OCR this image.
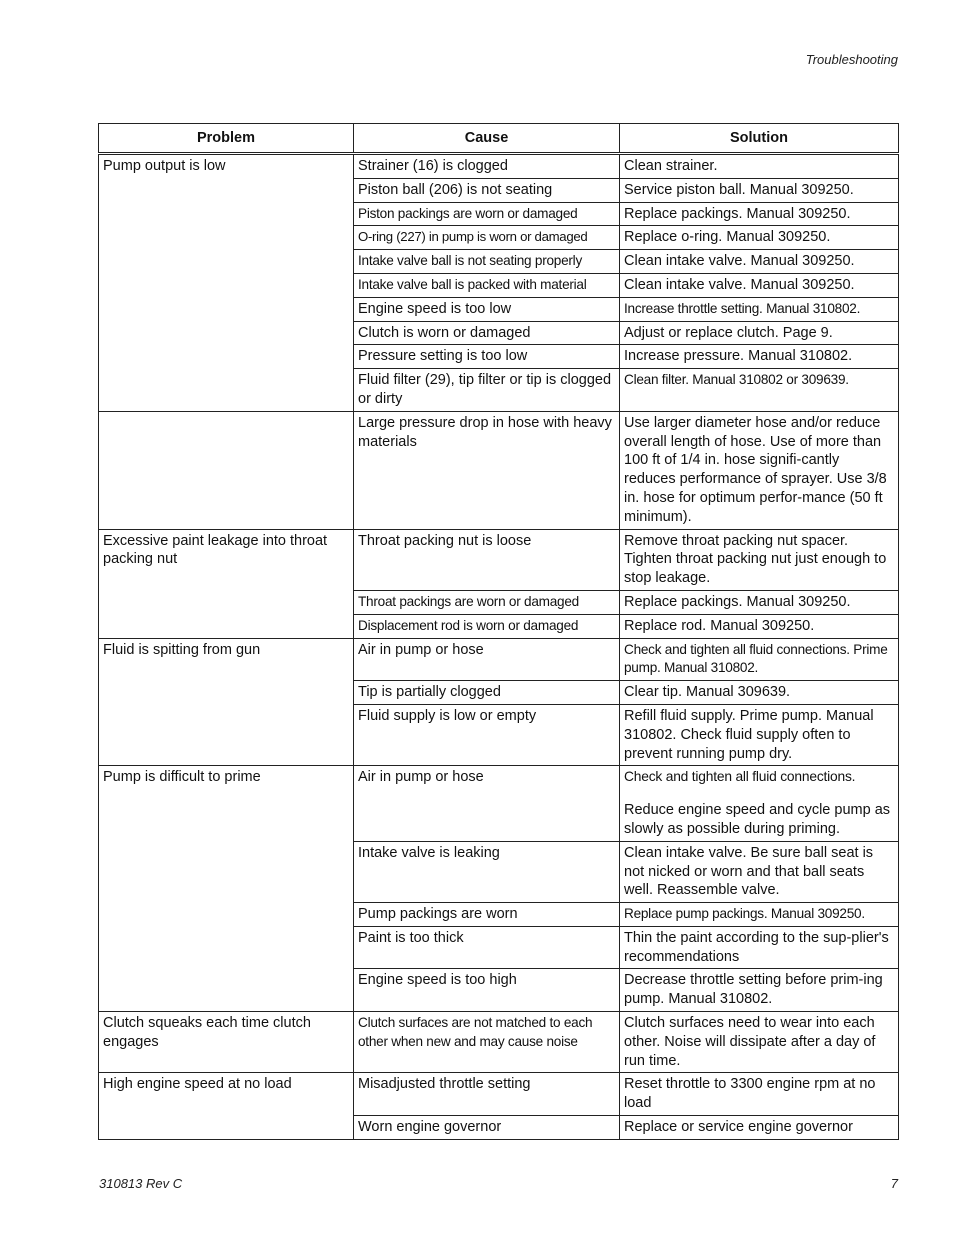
Troubleshooting
Problem	Cause	Solution
Pump output is low	Strainer (16) is clogged	Clean strainer.
	Piston ball (206) is not seating	Service piston ball. Manual 309250.
	Piston packings are worn or damaged	Replace packings. Manual 309250.
	O-ring (227) in pump is worn or damaged	Replace o-ring. Manual 309250.
	Intake valve ball is not seating properly	Clean intake valve. Manual 309250.
	Intake valve ball is packed with material	Clean intake valve. Manual 309250.
	Engine speed is too low	Increase throttle setting. Manual 310802.
	Clutch is worn or damaged	Adjust or replace clutch. Page 9.
	Pressure setting is too low	Increase pressure. Manual 310802.
	Fluid filter (29), tip filter or tip is clogged or dirty	Clean filter. Manual 310802 or 309639.
	Large pressure drop in hose with heavy materials	Use larger diameter hose and/or reduce overall length of hose. Use of more than 100 ft of 1/4 in. hose signifi-cantly reduces performance of sprayer. Use 3/8 in. hose for optimum perfor-mance (50 ft minimum).
Excessive paint leakage into throat packing nut	Throat packing nut is loose	Remove throat packing nut spacer. Tighten throat packing nut just enough to stop leakage.
	Throat packings are worn or damaged	Replace packings. Manual 309250.
	Displacement rod is worn or damaged	Replace rod. Manual 309250.
Fluid is spitting from gun	Air in pump or hose	Check and tighten all fluid connections. Prime pump. Manual 310802.
	Tip is partially clogged	Clear tip. Manual 309639.
	Fluid supply is low or empty	Refill fluid supply. Prime pump. Manual 310802. Check fluid supply often to prevent running pump dry.
Pump is difficult to prime	Air in pump or hose	Check and tighten all fluid connections.
Reduce engine speed and cycle pump as slowly as possible during priming.
	Intake valve is leaking	Clean intake valve. Be sure ball seat is not nicked or worn and that ball seats well. Reassemble valve.
	Pump packings are worn	Replace pump packings. Manual 309250.
	Paint is too thick	Thin the paint according to the sup-plier's recommendations
	Engine speed is too high	Decrease throttle setting before prim-ing pump. Manual 310802.
Clutch squeaks each time clutch engages	Clutch surfaces are not matched to each other when new and may cause noise	Clutch surfaces need to wear into each other. Noise will dissipate after a day of run time.
High engine speed at no load	Misadjusted throttle setting	Reset throttle to 3300 engine rpm at no load
	Worn engine governor	Replace or service engine governor
310813 Rev C	7
